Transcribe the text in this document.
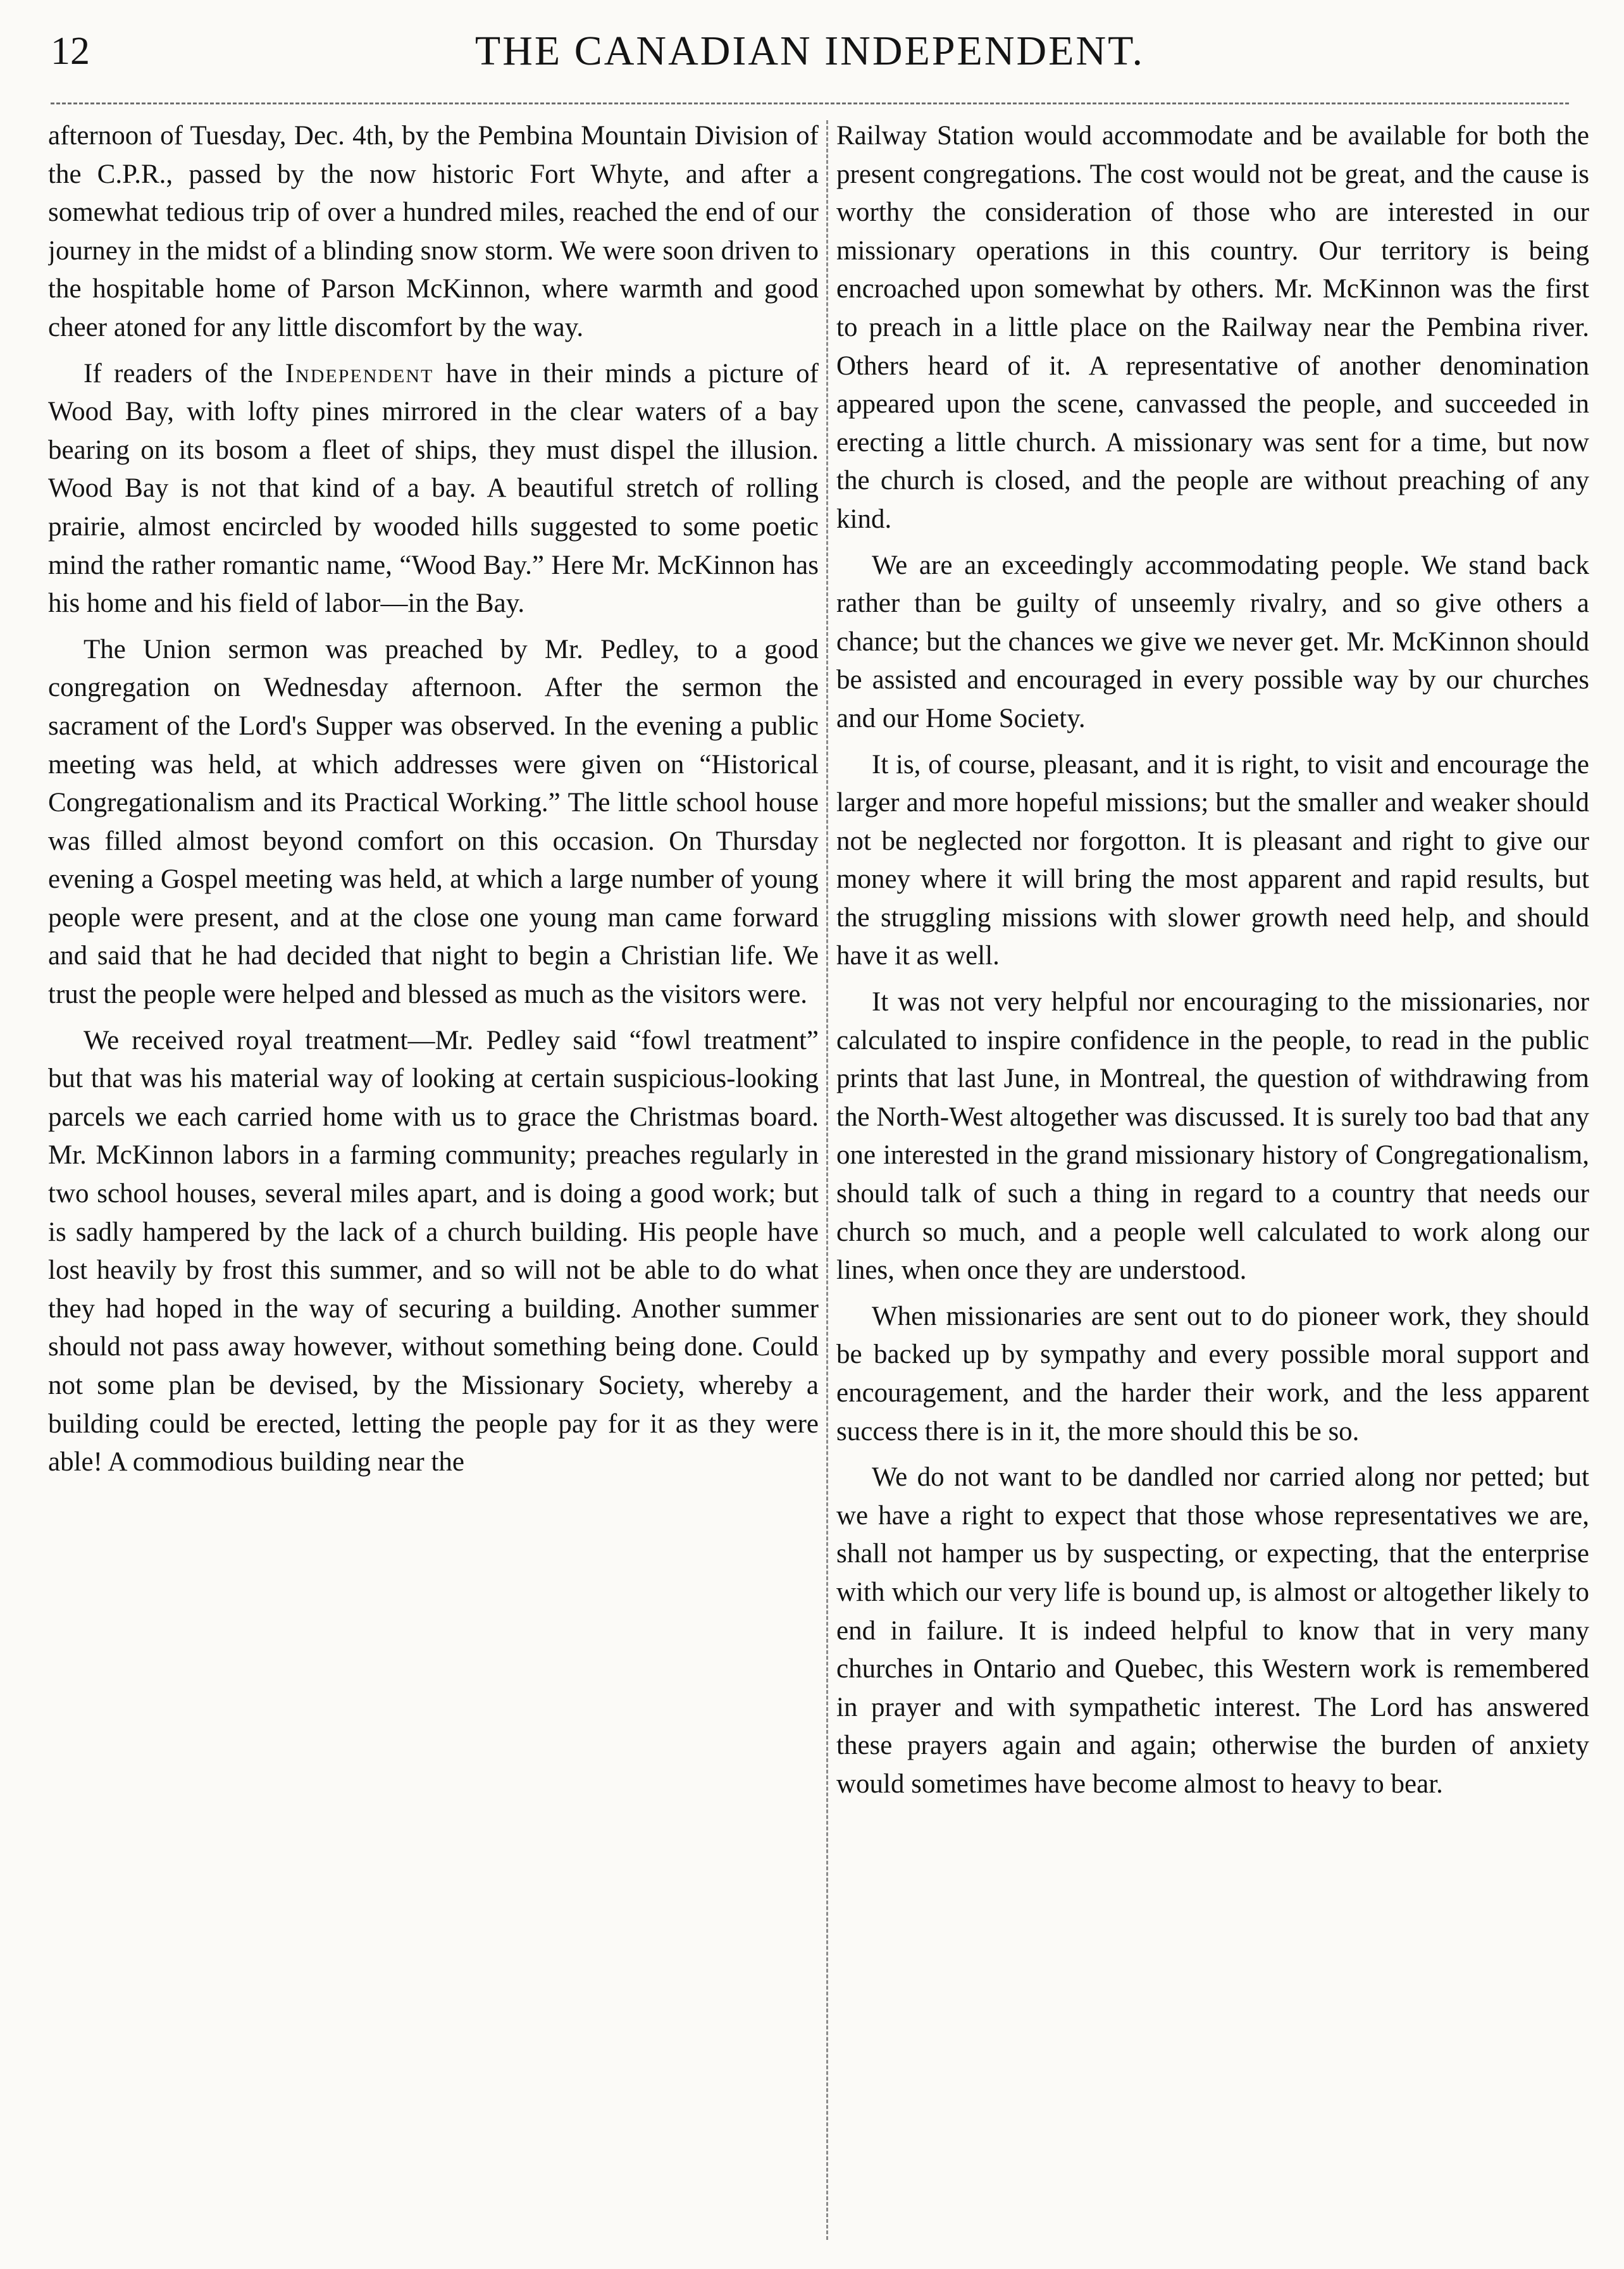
12	THE CANADIAN INDEPENDENT.

afternoon of Tuesday, Dec. 4th, by the Pembina Mountain Division of the C.P.R., passed by the now historic Fort Whyte, and after a somewhat tedious trip of over a hundred miles, reached the end of our journey in the midst of a blinding snow storm. We were soon driven to the hospitable home of Parson McKinnon, where warmth and good cheer atoned for any little discomfort by the way.

If readers of the Independent have in their minds a picture of Wood Bay, with lofty pines mirrored in the clear waters of a bay bearing on its bosom a fleet of ships, they must dispel the illusion. Wood Bay is not that kind of a bay. A beautiful stretch of rolling prairie, almost encircled by wooded hills suggested to some poetic mind the rather romantic name, “Wood Bay.” Here Mr. McKinnon has his home and his field of labor—in the Bay.

The Union sermon was preached by Mr. Pedley, to a good congregation on Wednesday afternoon. After the sermon the sacrament of the Lord's Supper was observed. In the evening a public meeting was held, at which addresses were given on “Historical Congregationalism and its Practical Working.” The little school house was filled almost beyond comfort on this occasion. On Thursday evening a Gospel meeting was held, at which a large number of young people were present, and at the close one young man came forward and said that he had decided that night to begin a Christian life. We trust the people were helped and blessed as much as the visitors were.

We received royal treatment—Mr. Pedley said “fowl treatment” but that was his material way of looking at certain suspicious-looking parcels we each carried home with us to grace the Christmas board. Mr. McKinnon labors in a farming community; preaches regularly in two school houses, several miles apart, and is doing a good work; but is sadly hampered by the lack of a church building. His people have lost heavily by frost this summer, and so will not be able to do what they had hoped in the way of securing a building. Another summer should not pass away however, without something being done. Could not some plan be devised, by the Missionary Society, whereby a building could be erected, letting the people pay for it as they were able! A commodious building near the

Railway Station would accommodate and be available for both the present congregations. The cost would not be great, and the cause is worthy the consideration of those who are interested in our missionary operations in this country. Our territory is being encroached upon somewhat by others. Mr. McKinnon was the first to preach in a little place on the Railway near the Pembina river. Others heard of it. A representative of another denomination appeared upon the scene, canvassed the people, and succeeded in erecting a little church. A missionary was sent for a time, but now the church is closed, and the people are without preaching of any kind.

We are an exceedingly accommodating people. We stand back rather than be guilty of unseemly rivalry, and so give others a chance; but the chances we give we never get. Mr. McKinnon should be assisted and encouraged in every possible way by our churches and our Home Society.

It is, of course, pleasant, and it is right, to visit and encourage the larger and more hopeful missions; but the smaller and weaker should not be neglected nor forgotton. It is pleasant and right to give our money where it will bring the most apparent and rapid results, but the struggling missions with slower growth need help, and should have it as well.

It was not very helpful nor encouraging to the missionaries, nor calculated to inspire confidence in the people, to read in the public prints that last June, in Montreal, the question of withdrawing from the North-West altogether was discussed. It is surely too bad that any one interested in the grand missionary history of Congregationalism, should talk of such a thing in regard to a country that needs our church so much, and a people well calculated to work along our lines, when once they are understood.

When missionaries are sent out to do pioneer work, they should be backed up by sympathy and every possible moral support and encouragement, and the harder their work, and the less apparent success there is in it, the more should this be so.

We do not want to be dandled nor carried along nor petted; but we have a right to expect that those whose representatives we are, shall not hamper us by suspecting, or expecting, that the enterprise with which our very life is bound up, is almost or altogether likely to end in failure. It is indeed helpful to know that in very many churches in Ontario and Quebec, this Western work is remembered in prayer and with sympathetic interest. The Lord has answered these prayers again and again; otherwise the burden of anxiety would sometimes have become almost to heavy to bear.
